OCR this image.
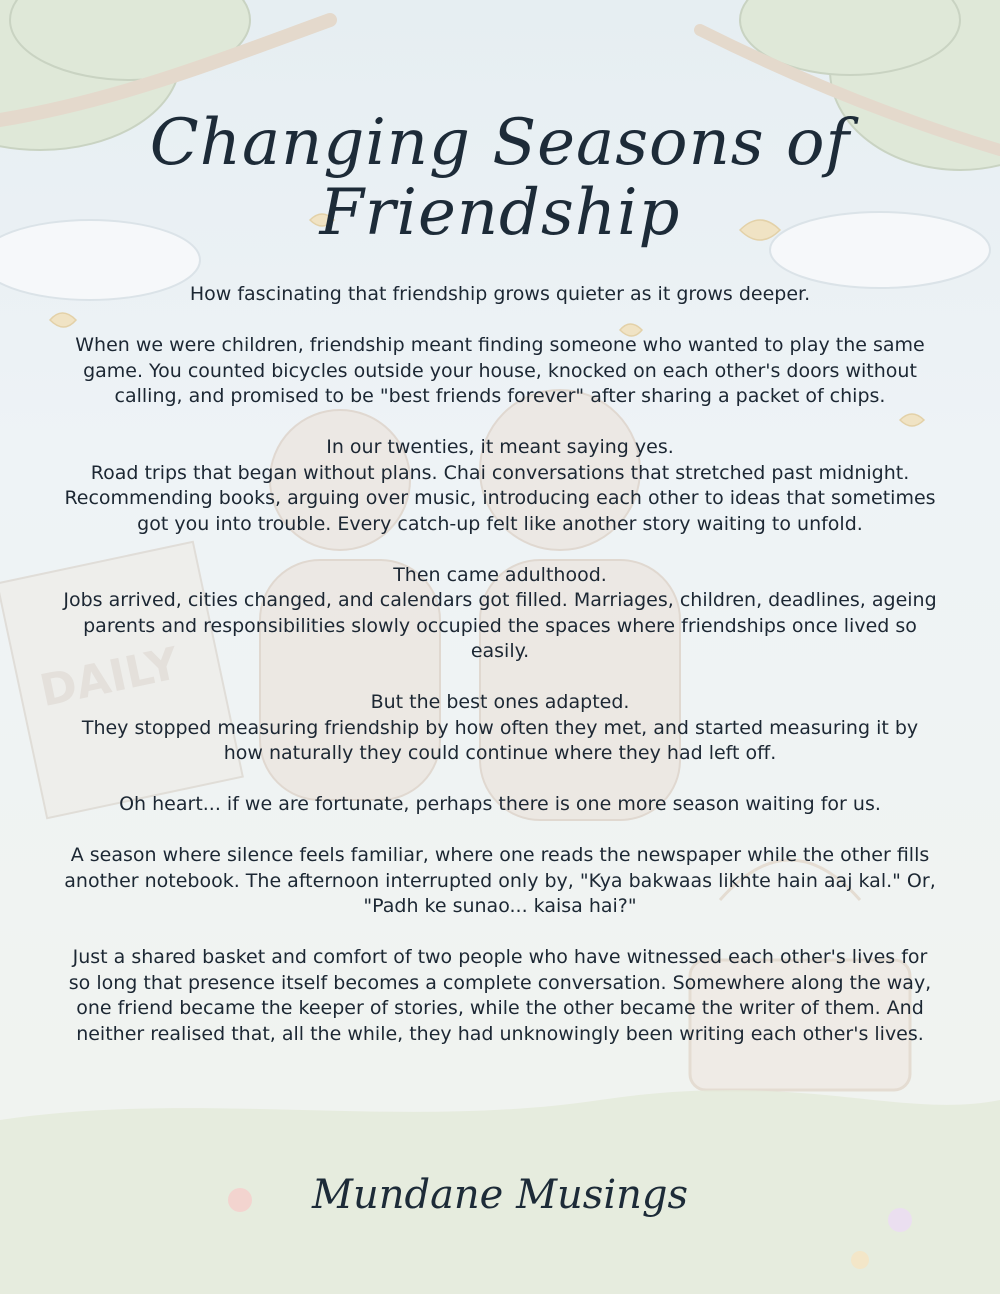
DAILY
Changing Seasons of Friendship

How fascinating that friendship grows quieter as it grows deeper.

When we were children, friendship meant finding someone who wanted to play the same game. You counted bicycles outside your house, knocked on each other's doors without calling, and promised to be "best friends forever" after sharing a packet of chips.

In our twenties, it meant saying yes.
Road trips that began without plans. Chai conversations that stretched past midnight. Recommending books, arguing over music, introducing each other to ideas that sometimes got you into trouble. Every catch-up felt like another story waiting to unfold.

Then came adulthood.
Jobs arrived, cities changed, and calendars got filled. Marriages, children, deadlines, ageing parents and responsibilities slowly occupied the spaces where friendships once lived so easily.

But the best ones adapted.
They stopped measuring friendship by how often they met, and started measuring it by how naturally they could continue where they had left off.

Oh heart... if we are fortunate, perhaps there is one more season waiting for us.

A season where silence feels familiar, where one reads the newspaper while the other fills another notebook. The afternoon interrupted only by, "Kya bakwaas likhte hain aaj kal." Or, "Padh ke sunao... kaisa hai?"

Just a shared basket and comfort of two people who have witnessed each other's lives for so long that presence itself becomes a complete conversation. Somewhere along the way, one friend became the keeper of stories, while the other became the writer of them. And neither realised that, all the while, they had unknowingly been writing each other's lives.

Mundane Musings
